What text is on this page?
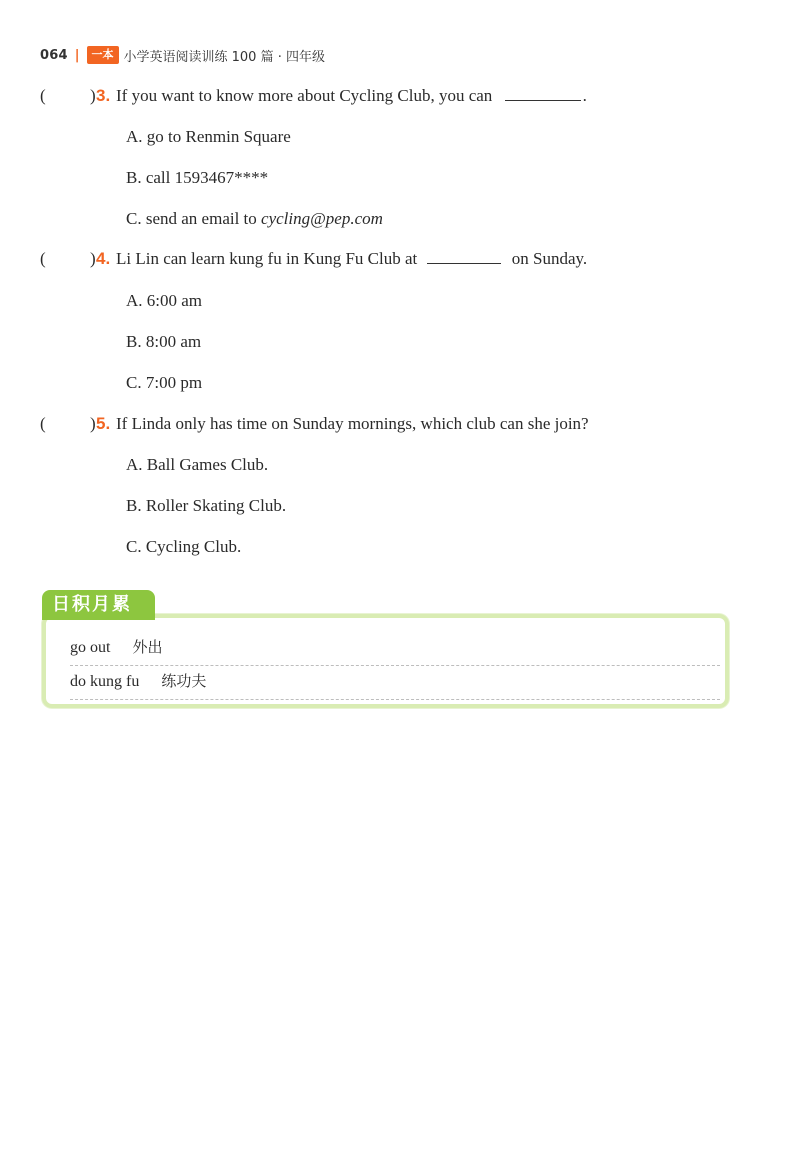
064 |	一本 小学英语阅读训练 100 篇 · 四年级
(	) 3. If you want to know more about Cycling Club, you can	.
A. go to Renmin Square
B. call 1593467****
C. send an email to cycling@pep.com
(	) 4. Li Lin can learn kung fu in Kung Fu Club at	on Sunday.
A. 6:00 am
B. 8:00 am
C. 7:00 pm
(	) 5. If Linda only has time on Sunday mornings, which club can she join?
A. Ball Games Club.
B. Roller Skating Club.
C. Cycling Club.
go out 外出
do kung fu 练功夫
日积月累
